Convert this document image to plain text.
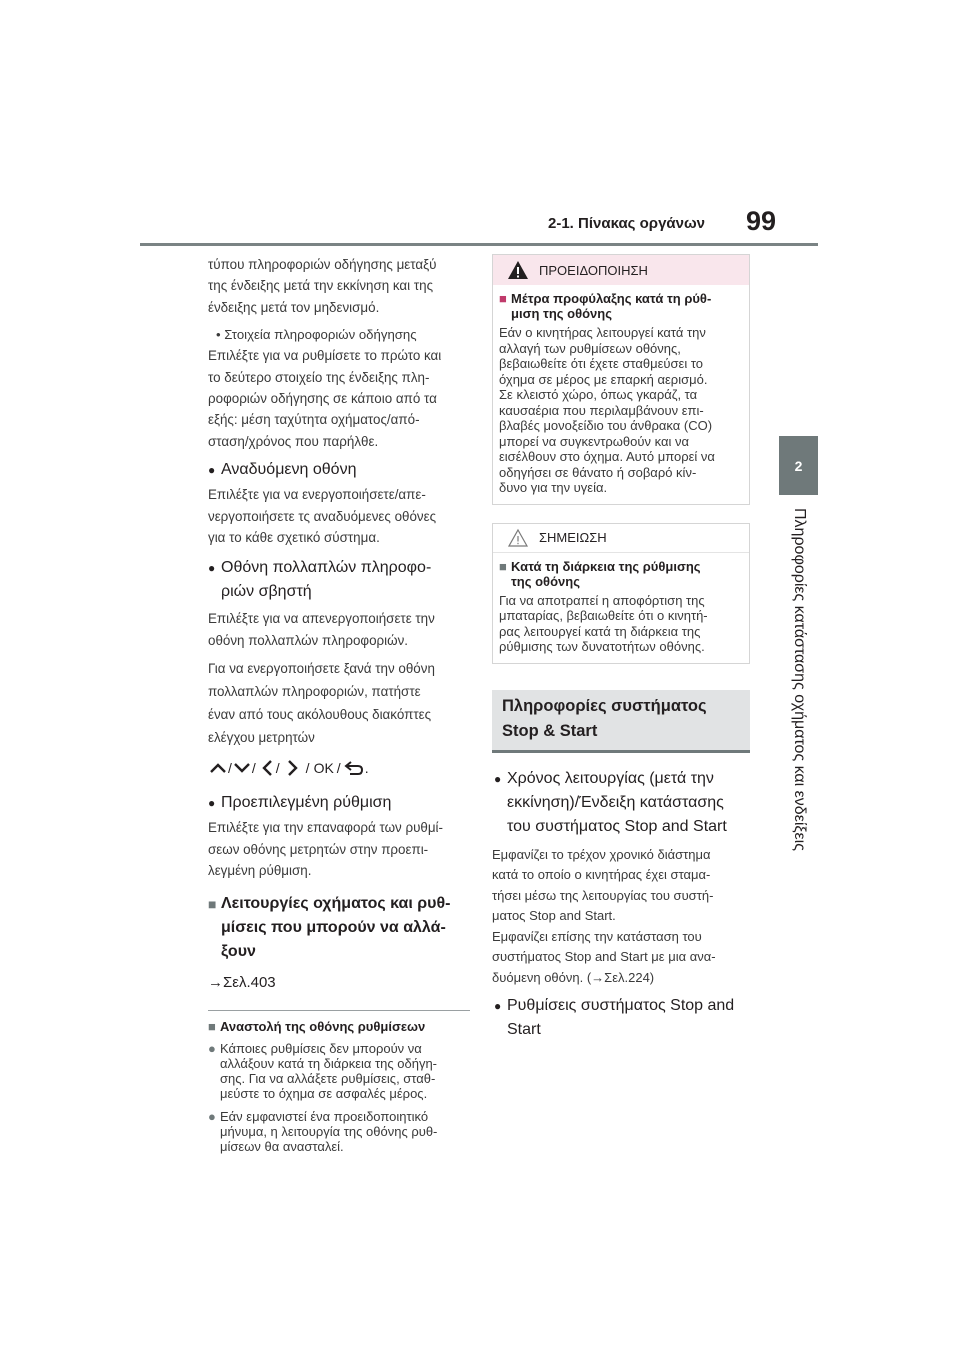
2-1. Πίνακας οργάνων 99
2
Πληροφορίες κατάστασης οχήματος και ενδείξεις

τύπου πληροφοριών οδήγησης μεταξύ

της ένδειξης μετά την εκκίνηση και της

ένδειξης μετά τον μηδενισμό.

• Στοιχεία πληροφοριών οδήγησης

Επιλέξτε για να ρυθμίσετε το πρώτο και

το δεύτερο στοιχείο της ένδειξης πλη-

ροφοριών οδήγησης σε κάποιο από τα

εξής: μέση ταχύτητα οχήματος/από-

σταση/χρόνος που παρήλθε.

● Αναδυόμενη οθόνη

Επιλέξτε για να ενεργοποιήσετε/απε-

νεργοποιήσετε τς αναδυόμενες οθόνες

για το κάθε σχετικό σύστημα.

● Οθόνη πολλαπλών πληροφο-
ριών σβηστή

Επιλέξτε για να απενεργοποιήσετε την

οθόνη πολλαπλών πληροφοριών.

Για να ενεργοποιήσετε ξανά την οθόνη

πολλαπλών πληροφοριών, πατήστε

έναν από τους ακόλουθους διακόπτες

ελέγχου μετρητών

/ / / / OK / .
● Προεπιλεγμένη ρύθμιση

Επιλέξτε για την επαναφορά των ρυθμί-

σεων οθόνης μετρητών στην προεπι-

λεγμένη ρύθμιση.

■ Λειτουργίες οχήματος και ρυθ-
μίσεις που μπορούν να αλλά-
ξουν

→Σελ.403

■ Αναστολή της οθόνης ρυθμίσεων
● Κάποιες ρυθμίσεις δεν μπορούν να
αλλάξουν κατά τη διάρκεια της οδήγη-
σης. Για να αλλάξετε ρυθμίσεις, σταθ-
μεύστε το όχημα σε ασφαλές μέρος.
● Εάν εμφανιστεί ένα προειδοποιητικό
μήνυμα, η λειτουργία της οθόνης ρυθ-
μίσεων θα ανασταλεί.
ΠΡΟΕΙΔΟΠΟΙΗΣΗ
■ Μέτρα προφύλαξης κατά τη ρύθ-
μιση της οθόνης
Εάν ο κινητήρας λειτουργεί κατά την
αλλαγή των ρυθμίσεων οθόνης,
βεβαιωθείτε ότι έχετε σταθμεύσει το
όχημα σε μέρος με επαρκή αερισμό.
Σε κλειστό χώρο, όπως γκαράζ, τα
καυσαέρια που περιλαμβάνουν επι-
βλαβές μονοξείδιο του άνθρακα (CO)
μπορεί να συγκεντρωθούν και να
εισέλθουν στο όχημα. Αυτό μπορεί να
οδηγήσει σε θάνατο ή σοβαρό κίν-
δυνο για την υγεία.
ΣΗΜΕΙΩΣΗ
■ Κατά τη διάρκεια της ρύθμισης
της οθόνης
Για να αποτραπεί η αποφόρτιση της
μπαταρίας, βεβαιωθείτε ότι ο κινητή-
ρας λειτουργεί κατά τη διάρκεια της
ρύθμισης των δυνατοτήτων οθόνης.
Πληροφορίες συστήματος
Stop & Start
● Χρόνος λειτουργίας (μετά την
εκκίνηση)/Ένδειξη κατάστασης
του συστήματος Stop and Start
Εμφανίζει το τρέχον χρονικό διάστημα
κατά το οποίο ο κινητήρας έχει σταμα-
τήσει μέσω της λειτουργίας του συστή-
ματος Stop and Start.
Εμφανίζει επίσης την κατάσταση του
συστήματος Stop and Start με μια ανα-
δυόμενη οθόνη. (→Σελ.224)
● Ρυθμίσεις συστήματος Stop and
Start
